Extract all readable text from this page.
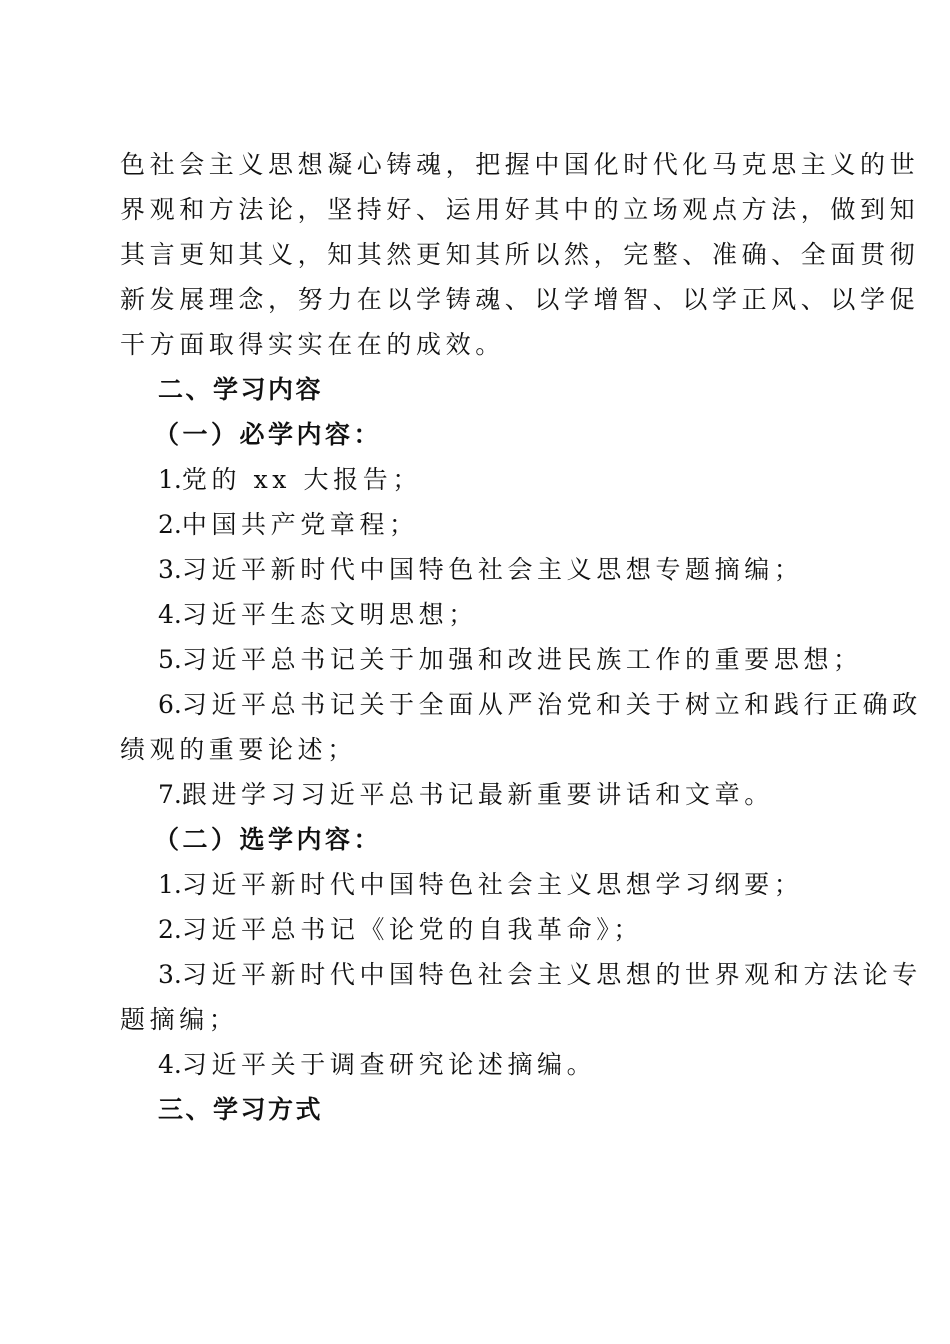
色社会主义思想凝心铸魂，把握中国化时代化马克思主义的世

界观和方法论，坚持好、运用好其中的立场观点方法，做到知

其言更知其义，知其然更知其所以然，完整、准确、全面贯彻

新发展理念，努力在以学铸魂、以学增智、以学正风、以学促

干方面取得实实在在的成效。

二、学习内容

（一）必学内容：

1.党的 xx 大报告；

2.中国共产党章程；

3.习近平新时代中国特色社会主义思想专题摘编；

4.习近平生态文明思想；

5.习近平总书记关于加强和改进民族工作的重要思想；

6.习近平总书记关于全面从严治党和关于树立和践行正确政

绩观的重要论述；

7.跟进学习习近平总书记最新重要讲话和文章。

（二）选学内容：

1.习近平新时代中国特色社会主义思想学习纲要；

2.习近平总书记《论党的自我革命》；

3.习近平新时代中国特色社会主义思想的世界观和方法论专

题摘编；

4.习近平关于调查研究论述摘编。

三、学习方式
